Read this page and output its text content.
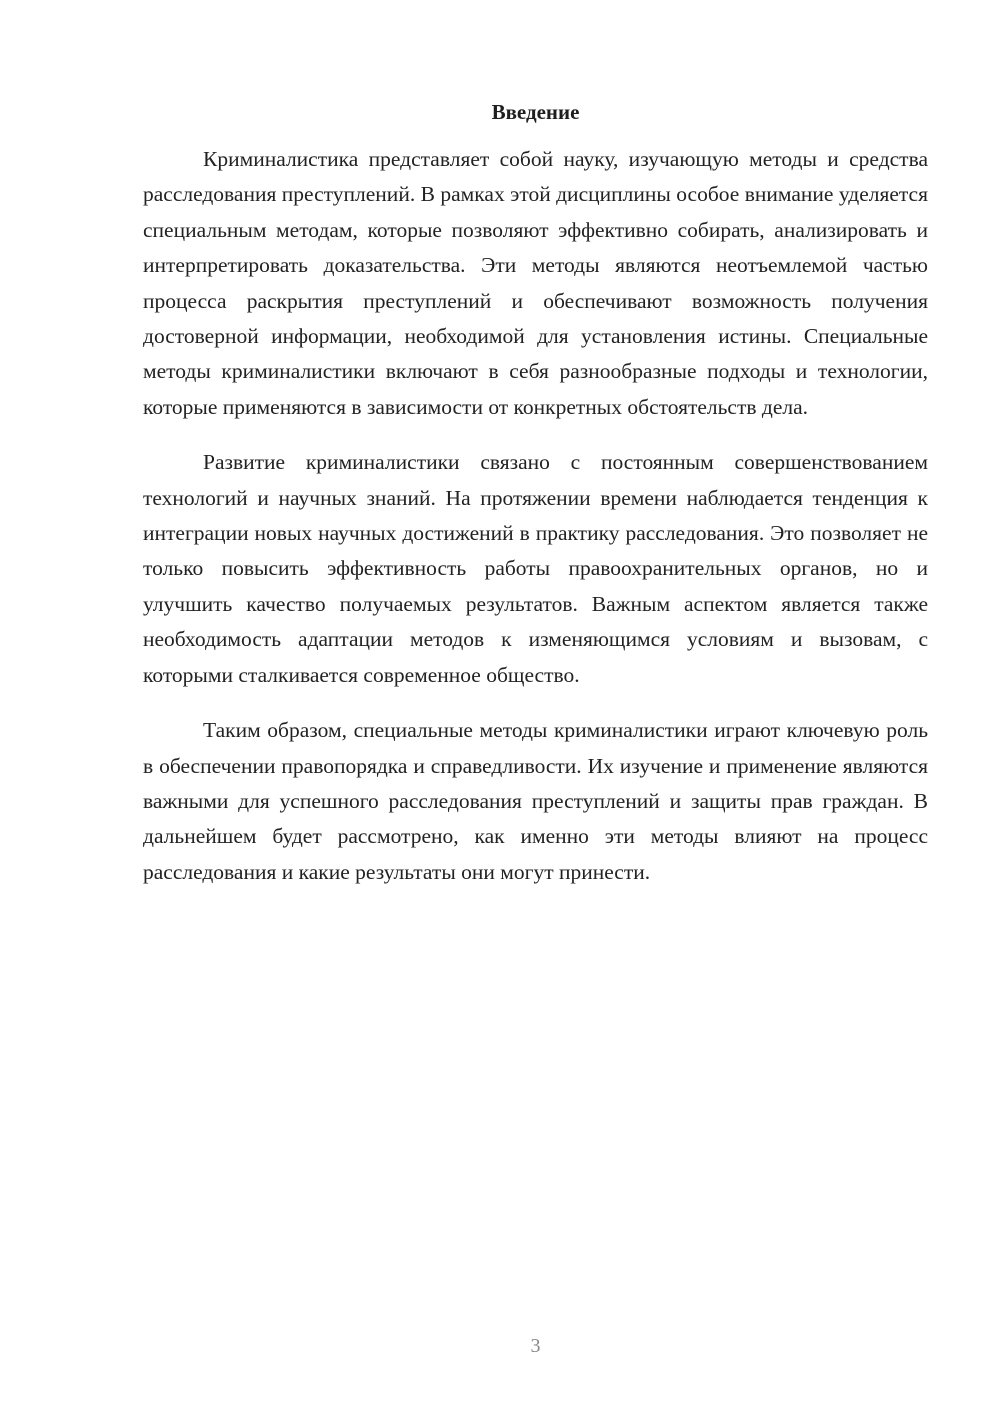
Введение

Криминалистика представляет собой науку, изучающую методы и средства расследования преступлений. В рамках этой дисциплины особое внимание уделяется специальным методам, которые позволяют эффективно собирать, анализировать и интерпретировать доказательства. Эти методы являются неотъемлемой частью процесса раскрытия преступлений и обеспечивают возможность получения достоверной информации, необходимой для установления истины. Специальные методы криминалистики включают в себя разнообразные подходы и технологии, которые применяются в зависимости от конкретных обстоятельств дела.

Развитие криминалистики связано с постоянным совершенствованием технологий и научных знаний. На протяжении времени наблюдается тенденция к интеграции новых научных достижений в практику расследования. Это позволяет не только повысить эффективность работы правоохранительных органов, но и улучшить качество получаемых результатов. Важным аспектом является также необходимость адаптации методов к изменяющимся условиям и вызовам, с которыми сталкивается современное общество.

Таким образом, специальные методы криминалистики играют ключевую роль в обеспечении правопорядка и справедливости. Их изучение и применение являются важными для успешного расследования преступлений и защиты прав граждан. В дальнейшем будет рассмотрено, как именно эти методы влияют на процесс расследования и какие результаты они могут принести.

3
